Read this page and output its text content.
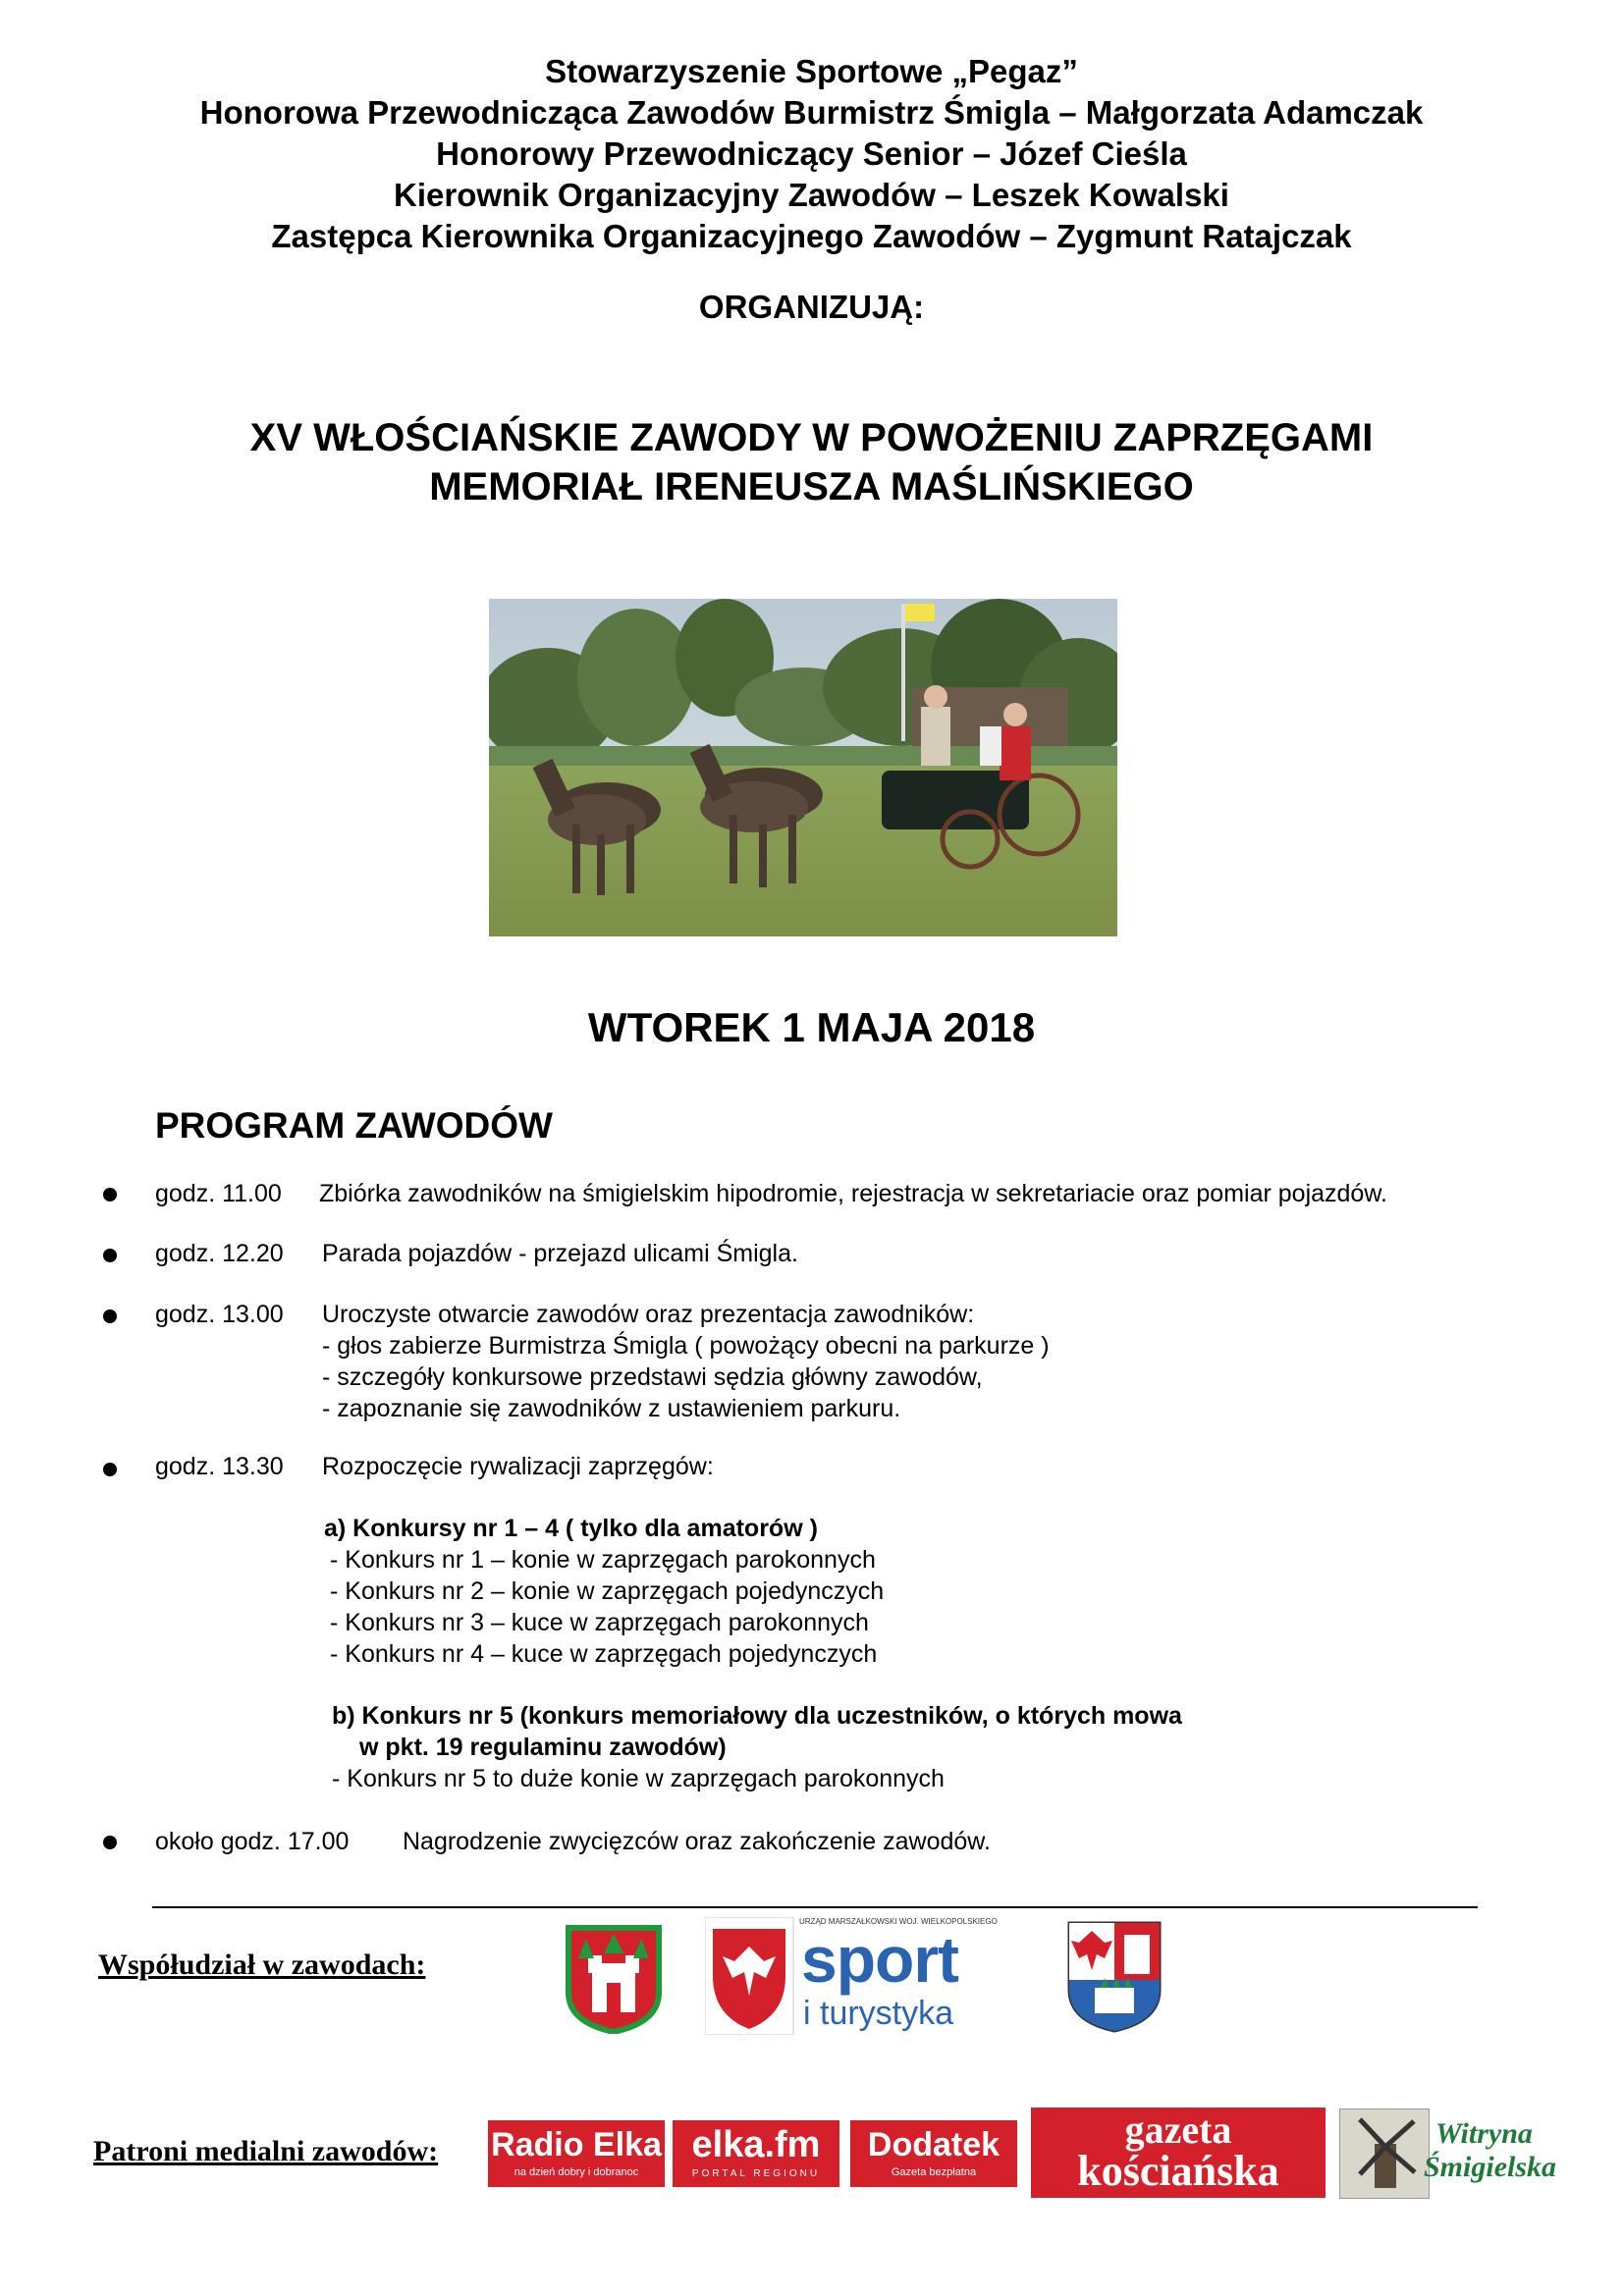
Stowarzyszenie Sportowe „Pegaz”
Honorowa Przewodnicząca Zawodów Burmistrz Śmigla – Małgorzata Adamczak
Honorowy Przewodniczący Senior – Józef Cieśla
Kierownik Organizacyjny Zawodów – Leszek Kowalski
Zastępca Kierownika Organizacyjnego Zawodów – Zygmunt Ratajczak
ORGANIZUJĄ:
XV WŁOŚCIAŃSKIE ZAWODY W POWOŻENIU ZAPRZĘGAMI
MEMORIAŁ IRENEUSZA MAŚLIŃSKIEGO
WTOREK 1 MAJA 2018
PROGRAM ZAWODÓW
godz. 11.00 Zbiórka zawodników na śmigielskim hipodromie, rejestracja w sekretariacie oraz pomiar pojazdów.
godz. 12.20 Parada pojazdów - przejazd ulicami Śmigla.
godz. 13.00 Uroczyste otwarcie zawodów oraz prezentacja zawodników:
- głos zabierze Burmistrza Śmigla ( powożący obecni na parkurze )
- szczegóły konkursowe przedstawi sędzia główny zawodów,
- zapoznanie się zawodników z ustawieniem parkuru.
godz. 13.30 Rozpoczęcie rywalizacji zaprzęgów:
a) Konkursy nr 1 – 4 ( tylko dla amatorów )
- Konkurs nr 1 – konie w zaprzęgach parokonnych
- Konkurs nr 2 – konie w zaprzęgach pojedynczych
- Konkurs nr 3 – kuce w zaprzęgach parokonnych
- Konkurs nr 4 – kuce w zaprzęgach pojedynczych
b) Konkurs nr 5 (konkurs memoriałowy dla uczestników, o których mowa
w pkt. 19 regulaminu zawodów)
- Konkurs nr 5 to duże konie w zaprzęgach parokonnych
około godz. 17.00 Nagrodzenie zwycięzców oraz zakończenie zawodów.
Współudział w zawodach:
URZĄD MARSZAŁKOWSKI WOJ. WIELKOPOLSKIEGO
sport
i turystyka
Patroni medialni zawodów: Radio Elka
na dzień dobry i dobranoc
elka.fm
PORTAL REGIONU
Dodatek
Gazeta bezpłatna
gazeta
kościańska
Witryna
Śmigielska
